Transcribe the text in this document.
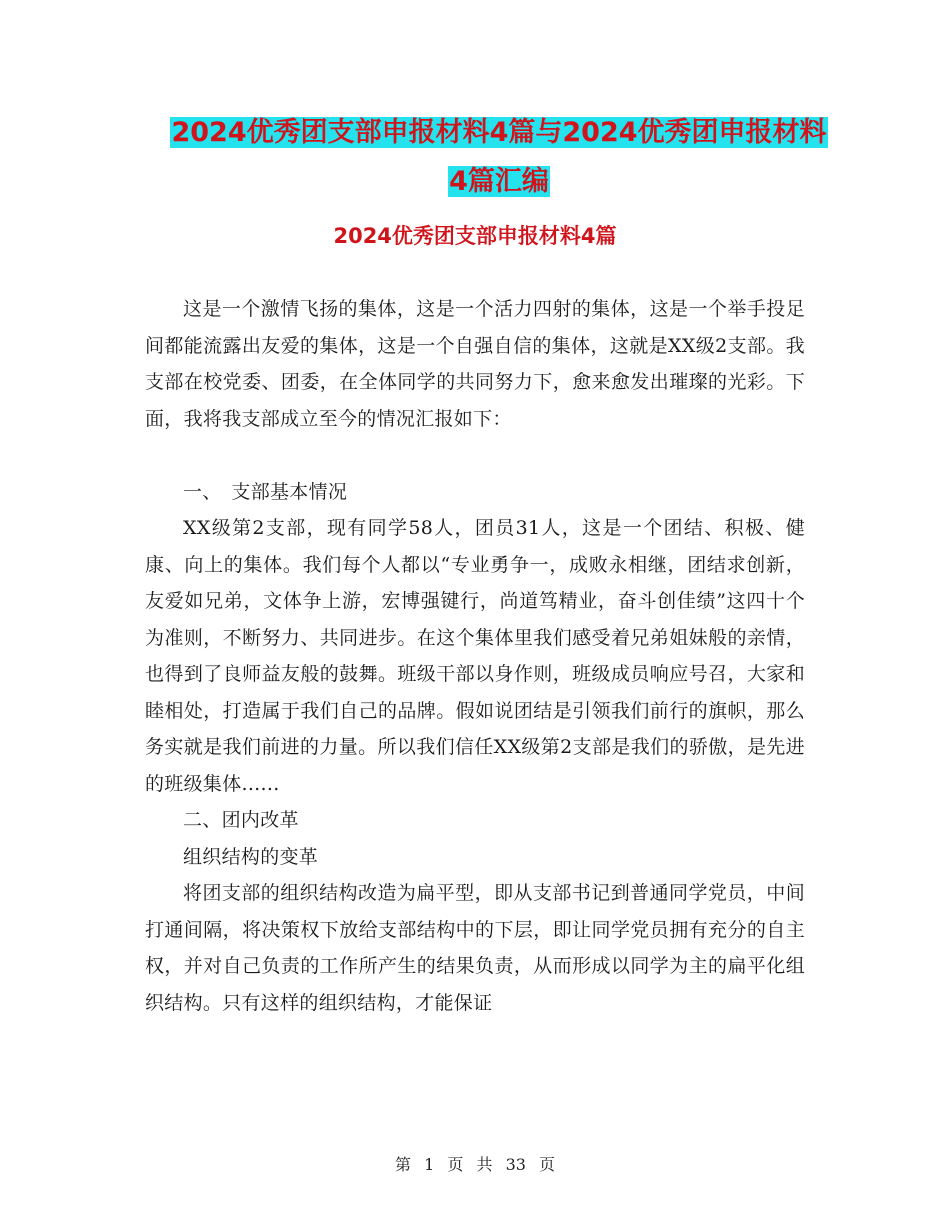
2024优秀团支部申报材料4篇与2024优秀团申报材料
4篇汇编
2024优秀团支部申报材料4篇

这是一个激情飞扬的集体，这是一个活力四射的集体，这是一个举手投足间都能流露出友爱的集体，这是一个自强自信的集体，这就是XX级2支部。我支部在校党委、团委，在全体同学的共同努力下，愈来愈发出璀璨的光彩。下面，我将我支部成立至今的情况汇报如下：

一、　支部基本情况

XX级第2支部，现有同学58人，团员31人，这是一个团结、积极、健康、向上的集体。我们每个人都以“专业勇争一，成败永相继，团结求创新，友爱如兄弟，文体争上游，宏博强键行，尚道笃精业，奋斗创佳绩”这四十个为准则，不断努力、共同进步。在这个集体里我们感受着兄弟姐妹般的亲情，也得到了良师益友般的鼓舞。班级干部以身作则，班级成员响应号召，大家和睦相处，打造属于我们自己的品牌。假如说团结是引领我们前行的旗帜，那么务实就是我们前进的力量。所以我们信任XX级第2支部是我们的骄傲，是先进的班级集体......

二、团内改革

组织结构的变革

将团支部的组织结构改造为扁平型，即从支部书记到普通同学党员，中间打通间隔，将决策权下放给支部结构中的下层，即让同学党员拥有充分的自主权，并对自己负责的工作所产生的结果负责，从而形成以同学为主的扁平化组织结构。只有这样的组织结构，才能保证

第 1 页 共 33 页
